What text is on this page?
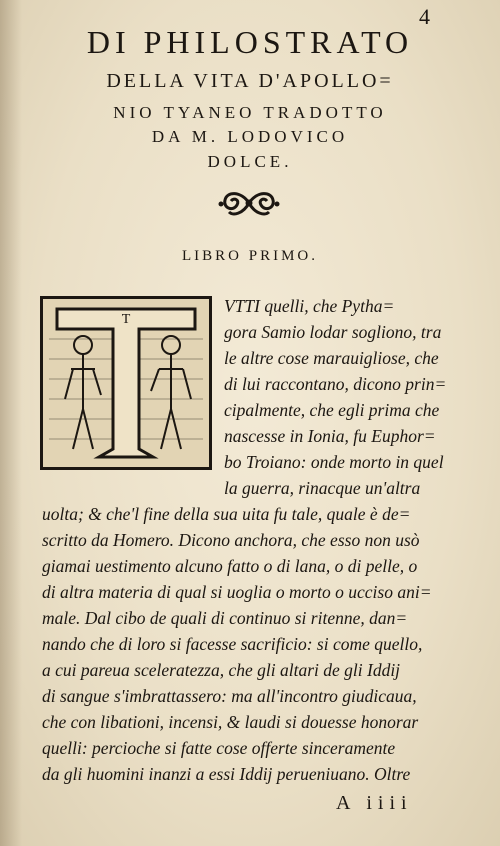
4
DI PHILOSTRATO
DELLA VITA D'APOLLO=
NIO TYANEO TRADOTTO
DA M. LODOVICO
DOLCE.
LIBRO PRIMO.
T
VTTI quelli, che Pytha=
gora Samio lodar sogliono, tra
le altre cose marauigliose, che
di lui raccontano, dicono prin=
cipalmente, che egli prima che
nascesse in Ionia, fu Euphor=
bo Troiano: onde morto in quel
la guerra, rinacque un'altra
uolta; & che'l fine della sua uita fu tale, quale è de=
scritto da Homero. Dicono anchora, che esso non usò
giamai uestimento alcuno fatto o di lana, o di pelle, o
di altra materia di qual si uoglia o morto o ucciso ani=
male. Dal cibo de quali di continuo si ritenne, dan=
nando che di loro si facesse sacrificio: si come quello,
a cui pareua sceleratezza, che gli altari de gli Iddij
di sangue s'imbrattassero: ma all'incontro giudicaua,
che con libationi, incensi, & laudi si douesse honorar
quelli: percioche si fatte cose offerte sinceramente
da gli huomini inanzi a essi Iddij perueniuano. Oltre
A iiii
